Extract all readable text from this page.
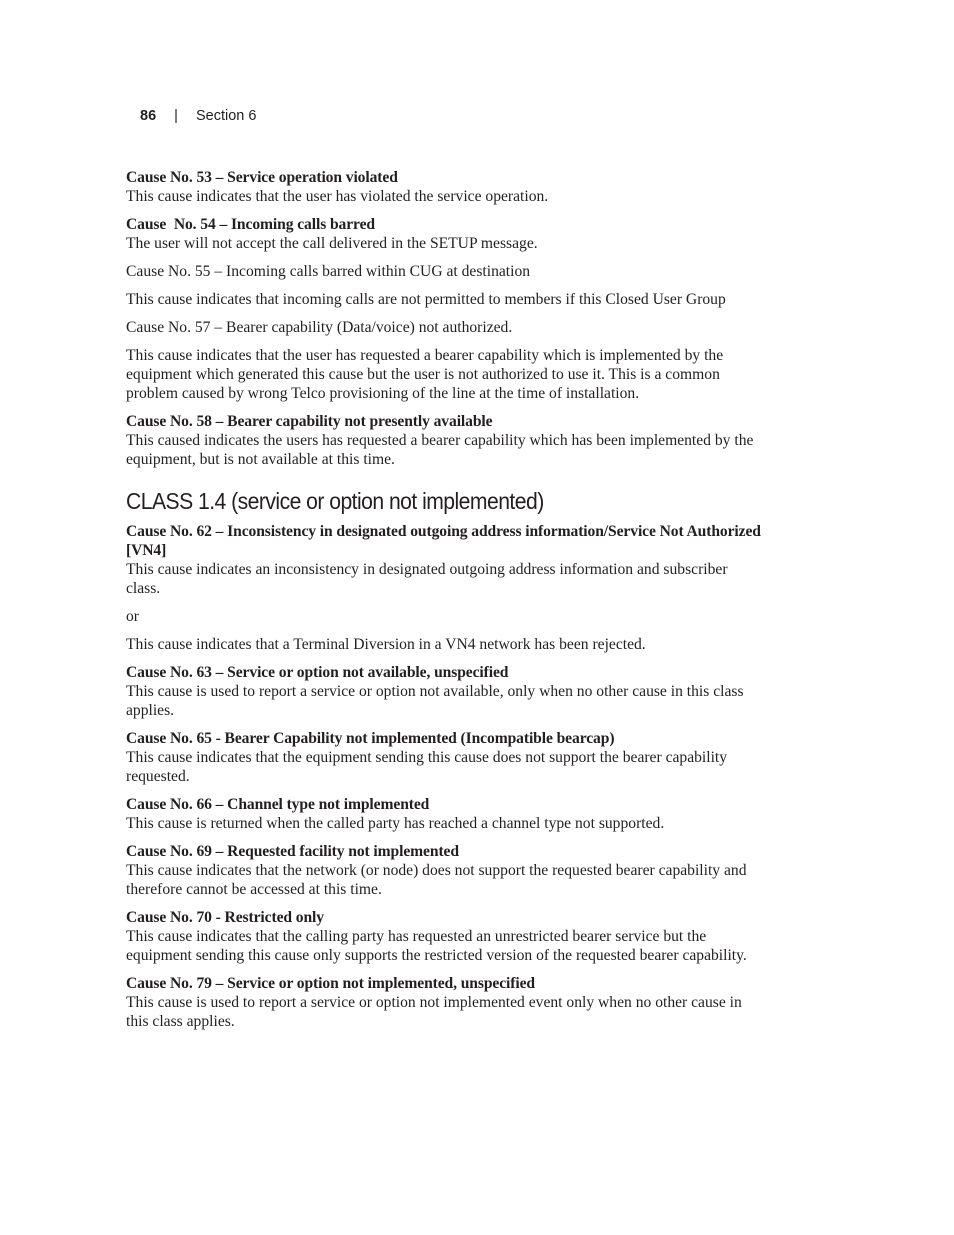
86 | Section 6
Cause No. 53 – Service operation violated
This cause indicates that the user has violated the service operation.
Cause  No. 54 – Incoming calls barred
The user will not accept the call delivered in the SETUP message.

Cause No. 55 – Incoming calls barred within CUG at destination

This cause indicates that incoming calls are not permitted to members if this Closed User Group

Cause No. 57 – Bearer capability (Data/voice) not authorized.

This cause indicates that the user has requested a bearer capability which is implemented by the equipment which generated this cause but the user is not authorized to use it. This is a common problem caused by wrong Telco provisioning of the line at the time of installation.

Cause No. 58 – Bearer capability not presently available
This caused indicates the users has requested a bearer capability which has been implemented by the equipment, but is not available at this time.
CLASS 1.4 (service or option not implemented)
Cause No. 62 – Inconsistency in designated outgoing address information/Service Not Authorized [VN4]
This cause indicates an inconsistency in designated outgoing address information and subscriber class.

or

This cause indicates that a Terminal Diversion in a VN4 network has been rejected.

Cause No. 63 – Service or option not available, unspecified
This cause is used to report a service or option not available, only when no other cause in this class applies.
Cause No. 65 - Bearer Capability not implemented (Incompatible bearcap)
This cause indicates that the equipment sending this cause does not support the bearer capability requested.
Cause No. 66 – Channel type not implemented
This cause is returned when the called party has reached a channel type not supported.
Cause No. 69 – Requested facility not implemented
This cause indicates that the network (or node) does not support the requested bearer capability and therefore cannot be accessed at this time.
Cause No. 70 - Restricted only
This cause indicates that the calling party has requested an unrestricted bearer service but the equipment sending this cause only supports the restricted version of the requested bearer capability.
Cause No. 79 – Service or option not implemented, unspecified
This cause is used to report a service or option not implemented event only when no other cause in this class applies.
